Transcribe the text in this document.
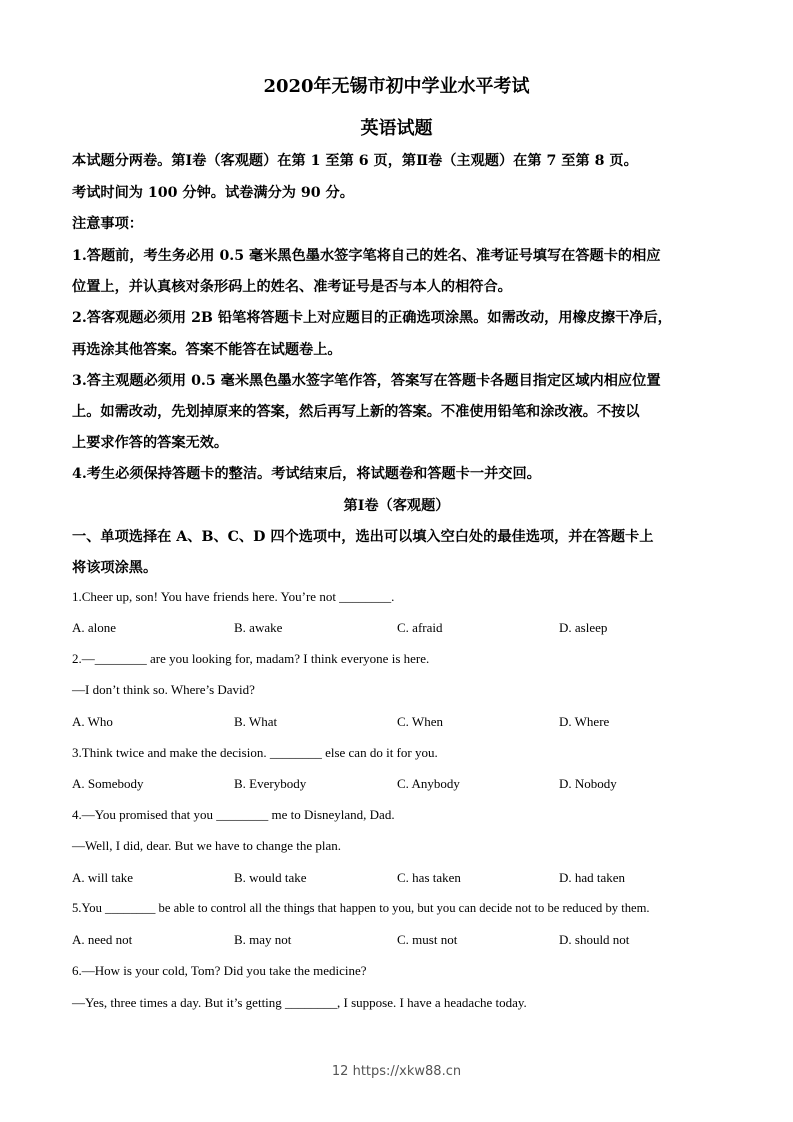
2020年无锡市初中学业水平考试
英语试题
本试题分两卷。第Ⅰ卷（客观题）在第 1 至第 6 页，第Ⅱ卷（主观题）在第 7 至第 8 页。
考试时间为 100 分钟。试卷满分为 90 分。
注意事项：
1.答题前，考生务必用 0.5 毫米黑色墨水签字笔将自己的姓名、准考证号填写在答题卡的相应
位置上，并认真核对条形码上的姓名、准考证号是否与本人的相符合。
2.答客观题必须用 2B 铅笔将答题卡上对应题目的正确选项涂黑。如需改动，用橡皮擦干净后，
再选涂其他答案。答案不能答在试题卷上。
3.答主观题必须用 0.5 毫米黑色墨水签字笔作答，答案写在答题卡各题目指定区域内相应位置
上。如需改动，先划掉原来的答案，然后再写上新的答案。不准使用铅笔和涂改液。不按以
上要求作答的答案无效。
4.考生必须保持答题卡的整洁。考试结束后，将试题卷和答题卡一并交回。
第Ⅰ卷（客观题）
一、单项选择在 A、B、C、D 四个选项中，选出可以填入空白处的最佳选项，并在答题卡上
将该项涂黑。
1.Cheer up, son! You have friends here. You’re not ________.
A. alone	B. awake	C. afraid	D. asleep
2.—________ are you looking for, madam? I think everyone is here.
—I don’t think so. Where’s David?
A. Who	B. What	C. When	D. Where
3.Think twice and make the decision. ________ else can do it for you.
A. Somebody	B. Everybody	C. Anybody	D. Nobody
4.—You promised that you ________ me to Disneyland, Dad.
—Well, I did, dear. But we have to change the plan.
A. will take	B. would take	C. has taken	D. had taken
5.You ________ be able to control all the things that happen to you, but you can decide not to be reduced by them.
A. need not	B. may not	C. must not	D. should not
6.—How is your cold, Tom? Did you take the medicine?
—Yes, three times a day. But it’s getting ________, I suppose. I have a headache today.
12 https://xkw88.cn
